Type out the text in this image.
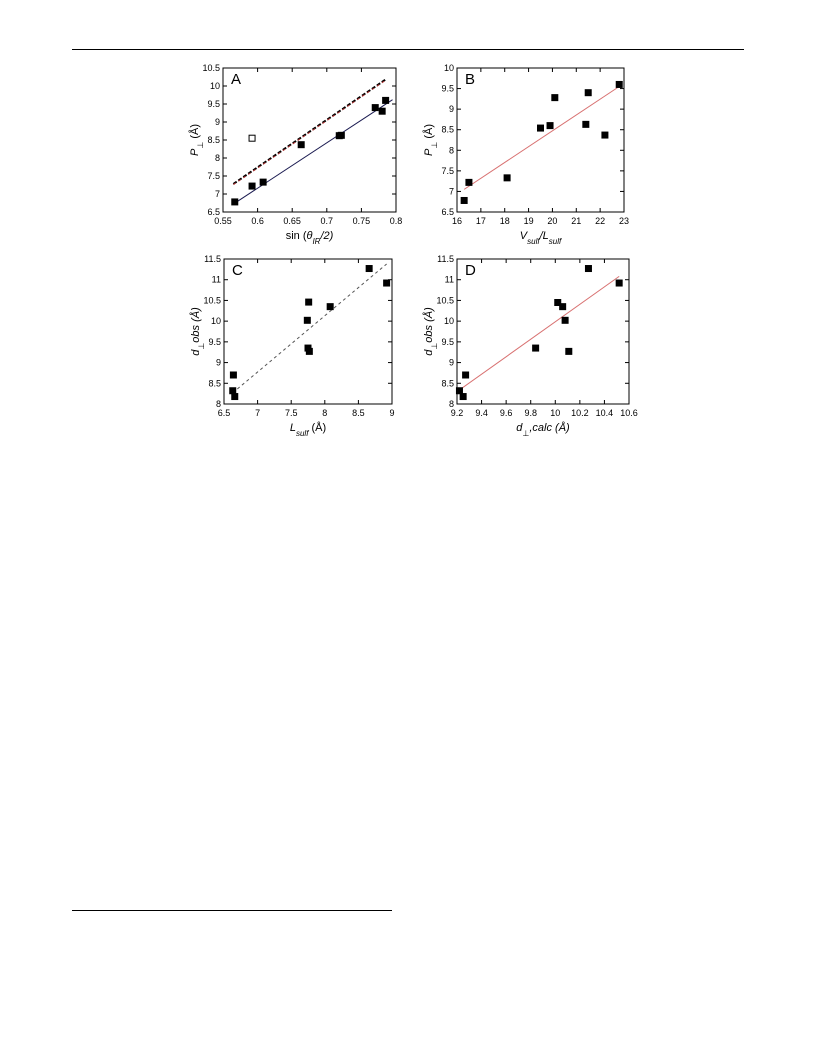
0.55 0.6 0.65 0.7 0.75 0.8
6.5
7
7.5
8
8.5
9
9.5
10
10.5
A
$\sin (\theta_{IR}/2)$
$P_\perp$ (Å)
16 17 18 19 20 21 22 23
6.5
7
7.5
8
8.5
9
9.5
10
B
$V_{sulf}/L_{sulf}$
$P_\perp$ (Å)
6.5	7	7.5	8	8.5	9
8
8.5
9
9.5
10
10.5
11
11.5
C
$L_{sulf}$ (Å)
$d_\perp obs$ (Å)
9.2 9.4 9.6 9.8 10 10.2 10.4 10.6
8
8.5
9
9.5
10
10.5
11
11.5
D
$d_\perp,calc$ (Å)
$d_\perp obs$ (Å)
